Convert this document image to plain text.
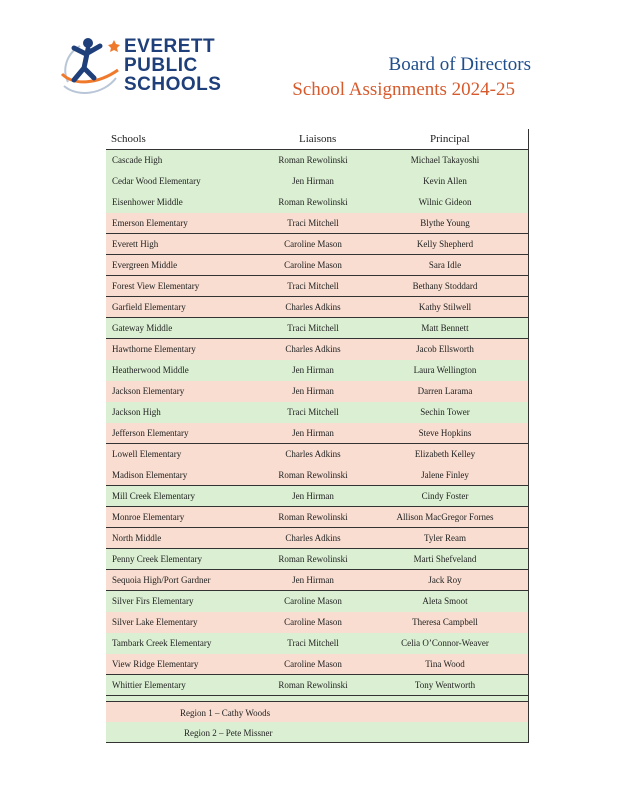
EVERETT
PUBLIC
SCHOOLS
Board of Directors
School Assignments 2024-25
Schools	Liaisons	Principal
Cascade High	Roman Rewolinski	Michael Takayoshi
Cedar Wood Elementary	Jen Hirman	Kevin Allen
Eisenhower Middle	Roman Rewolinski	Wilnic Gideon
Emerson Elementary	Traci Mitchell	Blythe Young
Everett High	Caroline Mason	Kelly Shepherd
Evergreen Middle	Caroline Mason	Sara Idle
Forest View Elementary	Traci Mitchell	Bethany Stoddard
Garfield Elementary	Charles Adkins	Kathy Stilwell
Gateway Middle	Traci Mitchell	Matt Bennett
Hawthorne Elementary	Charles Adkins	Jacob Ellsworth
Heatherwood Middle	Jen Hirman	Laura Wellington
Jackson Elementary	Jen Hirman	Darren Larama
Jackson High	Traci Mitchell	Sechin Tower
Jefferson Elementary	Jen Hirman	Steve Hopkins
Lowell Elementary	Charles Adkins	Elizabeth Kelley
Madison Elementary	Roman Rewolinski	Jalene Finley
Mill Creek Elementary	Jen Hirman	Cindy Foster
Monroe Elementary	Roman Rewolinski	Allison MacGregor Fornes
North Middle	Charles Adkins	Tyler Ream
Penny Creek Elementary	Roman Rewolinski	Marti Shefveland
Sequoia High/Port Gardner	Jen Hirman	Jack Roy
Silver Firs Elementary	Caroline Mason	Aleta Smoot
Silver Lake Elementary	Caroline Mason	Theresa Campbell
Tambark Creek Elementary	Traci Mitchell	Celia O’Connor-Weaver
View Ridge Elementary	Caroline Mason	Tina Wood
Whittier Elementary	Roman Rewolinski	Tony Wentworth
Region 1 – Cathy Woods
Region 2 – Pete Missner
